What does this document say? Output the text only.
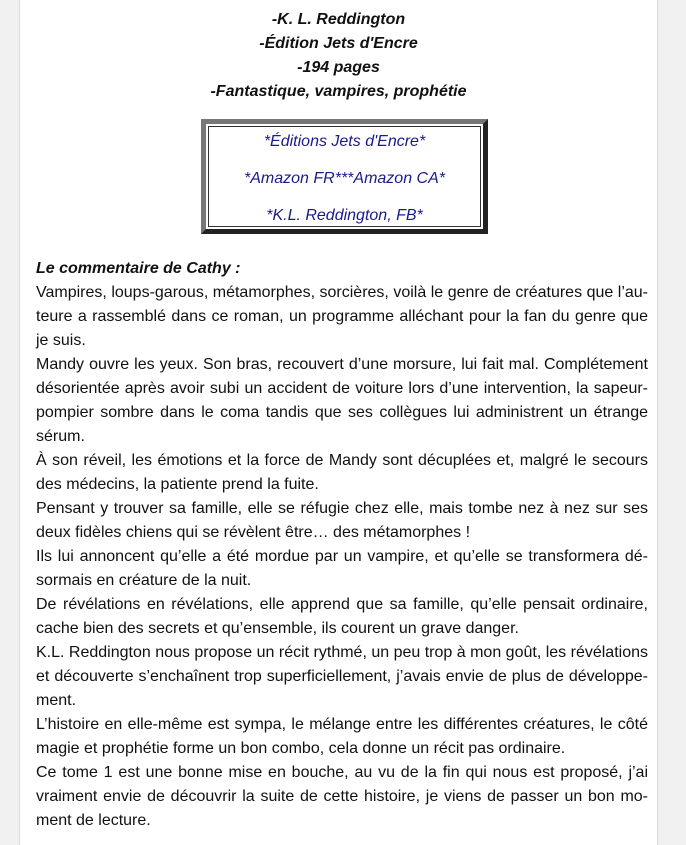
-K. L. Reddington
-Édition Jets d'Encre
-194 pages
-Fantastique, vampires, prophétie
*Éditions Jets d'Encre*
*Amazon FR***Amazon CA*
*K.L. Reddington, FB*
Le commentaire de Cathy :
Vampires, loups-garous, métamorphes, sorcières, voilà le genre de créatures que l’au-
teure a rassemblé dans ce roman, un programme alléchant pour la fan du genre que
je suis.
Mandy ouvre les yeux. Son bras, recouvert d’une morsure, lui fait mal. Complétement
désorientée après avoir subi un accident de voiture lors d’une intervention, la sapeur-
pompier sombre dans le coma tandis que ses collègues lui administrent un étrange
sérum.
À son réveil, les émotions et la force de Mandy sont décuplées et, malgré le secours
des médecins, la patiente prend la fuite.
Pensant y trouver sa famille, elle se réfugie chez elle, mais tombe nez à nez sur ses
deux fidèles chiens qui se révèlent être… des métamorphes !
Ils lui annoncent qu’elle a été mordue par un vampire, et qu’elle se transformera dé-
sormais en créature de la nuit.
De révélations en révélations, elle apprend que sa famille, qu’elle pensait ordinaire,
cache bien des secrets et qu’ensemble, ils courent un grave danger.
K.L. Reddington nous propose un récit rythmé, un peu trop à mon goût, les révélations
et découverte s’enchaînent trop superficiellement, j’avais envie de plus de développe-
ment.
L’histoire en elle-même est sympa, le mélange entre les différentes créatures, le côté
magie et prophétie forme un bon combo, cela donne un récit pas ordinaire.
Ce tome 1 est une bonne mise en bouche, au vu de la fin qui nous est proposé, j’ai
vraiment envie de découvrir la suite de cette histoire, je viens de passer un bon mo-
ment de lecture.
